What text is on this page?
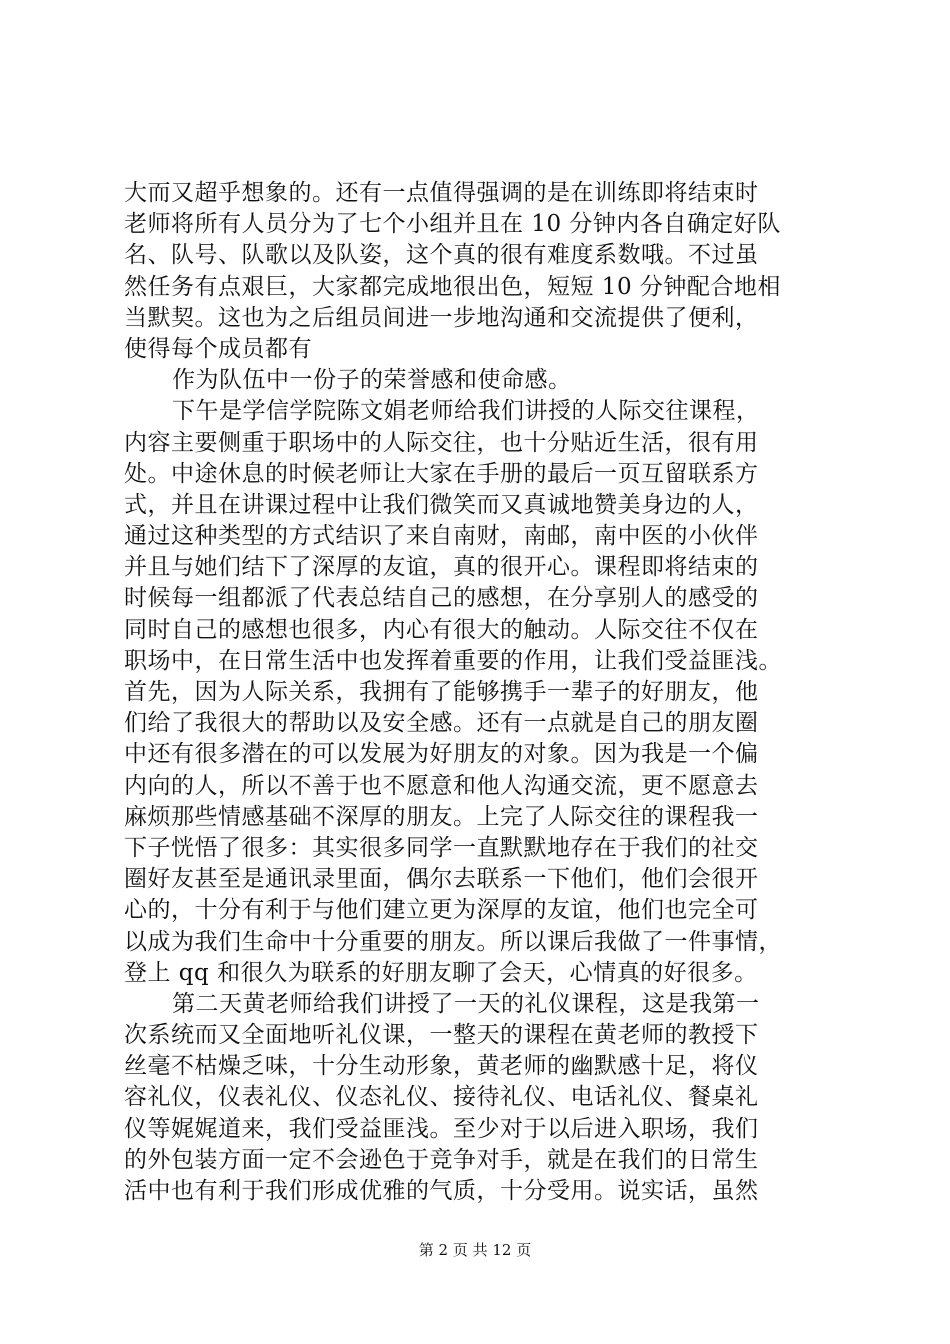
大而又超乎想象的。还有一点值得强调的是在训练即将结束时
老师将所有人员分为了七个小组并且在 10 分钟内各自确定好队
名、队号、队歌以及队姿，这个真的很有难度系数哦。不过虽
然任务有点艰巨，大家都完成地很出色，短短 10 分钟配合地相
当默契。这也为之后组员间进一步地沟通和交流提供了便利，
使得每个成员都有
作为队伍中一份子的荣誉感和使命感。
下午是学信学院陈文娟老师给我们讲授的人际交往课程，
内容主要侧重于职场中的人际交往，也十分贴近生活，很有用
处。中途休息的时候老师让大家在手册的最后一页互留联系方
式，并且在讲课过程中让我们微笑而又真诚地赞美身边的人，
通过这种类型的方式结识了来自南财，南邮，南中医的小伙伴
并且与她们结下了深厚的友谊，真的很开心。课程即将结束的
时候每一组都派了代表总结自己的感想，在分享别人的感受的
同时自己的感想也很多，内心有很大的触动。人际交往不仅在
职场中，在日常生活中也发挥着重要的作用，让我们受益匪浅。
首先，因为人际关系，我拥有了能够携手一辈子的好朋友，他
们给了我很大的帮助以及安全感。还有一点就是自己的朋友圈
中还有很多潜在的可以发展为好朋友的对象。因为我是一个偏
内向的人，所以不善于也不愿意和他人沟通交流，更不愿意去
麻烦那些情感基础不深厚的朋友。上完了人际交往的课程我一
下子恍悟了很多：其实很多同学一直默默地存在于我们的社交
圈好友甚至是通讯录里面，偶尔去联系一下他们，他们会很开
心的，十分有利于与他们建立更为深厚的友谊，他们也完全可
以成为我们生命中十分重要的朋友。所以课后我做了一件事情，
登上 qq 和很久为联系的好朋友聊了会天，心情真的好很多。
第二天黄老师给我们讲授了一天的礼仪课程，这是我第一
次系统而又全面地听礼仪课，一整天的课程在黄老师的教授下
丝毫不枯燥乏味，十分生动形象，黄老师的幽默感十足，将仪
容礼仪，仪表礼仪、仪态礼仪、接待礼仪、电话礼仪、餐桌礼
仪等娓娓道来，我们受益匪浅。至少对于以后进入职场，我们
的外包装方面一定不会逊色于竞争对手，就是在我们的日常生
活中也有利于我们形成优雅的气质，十分受用。说实话，虽然
第 2 页 共 12 页
